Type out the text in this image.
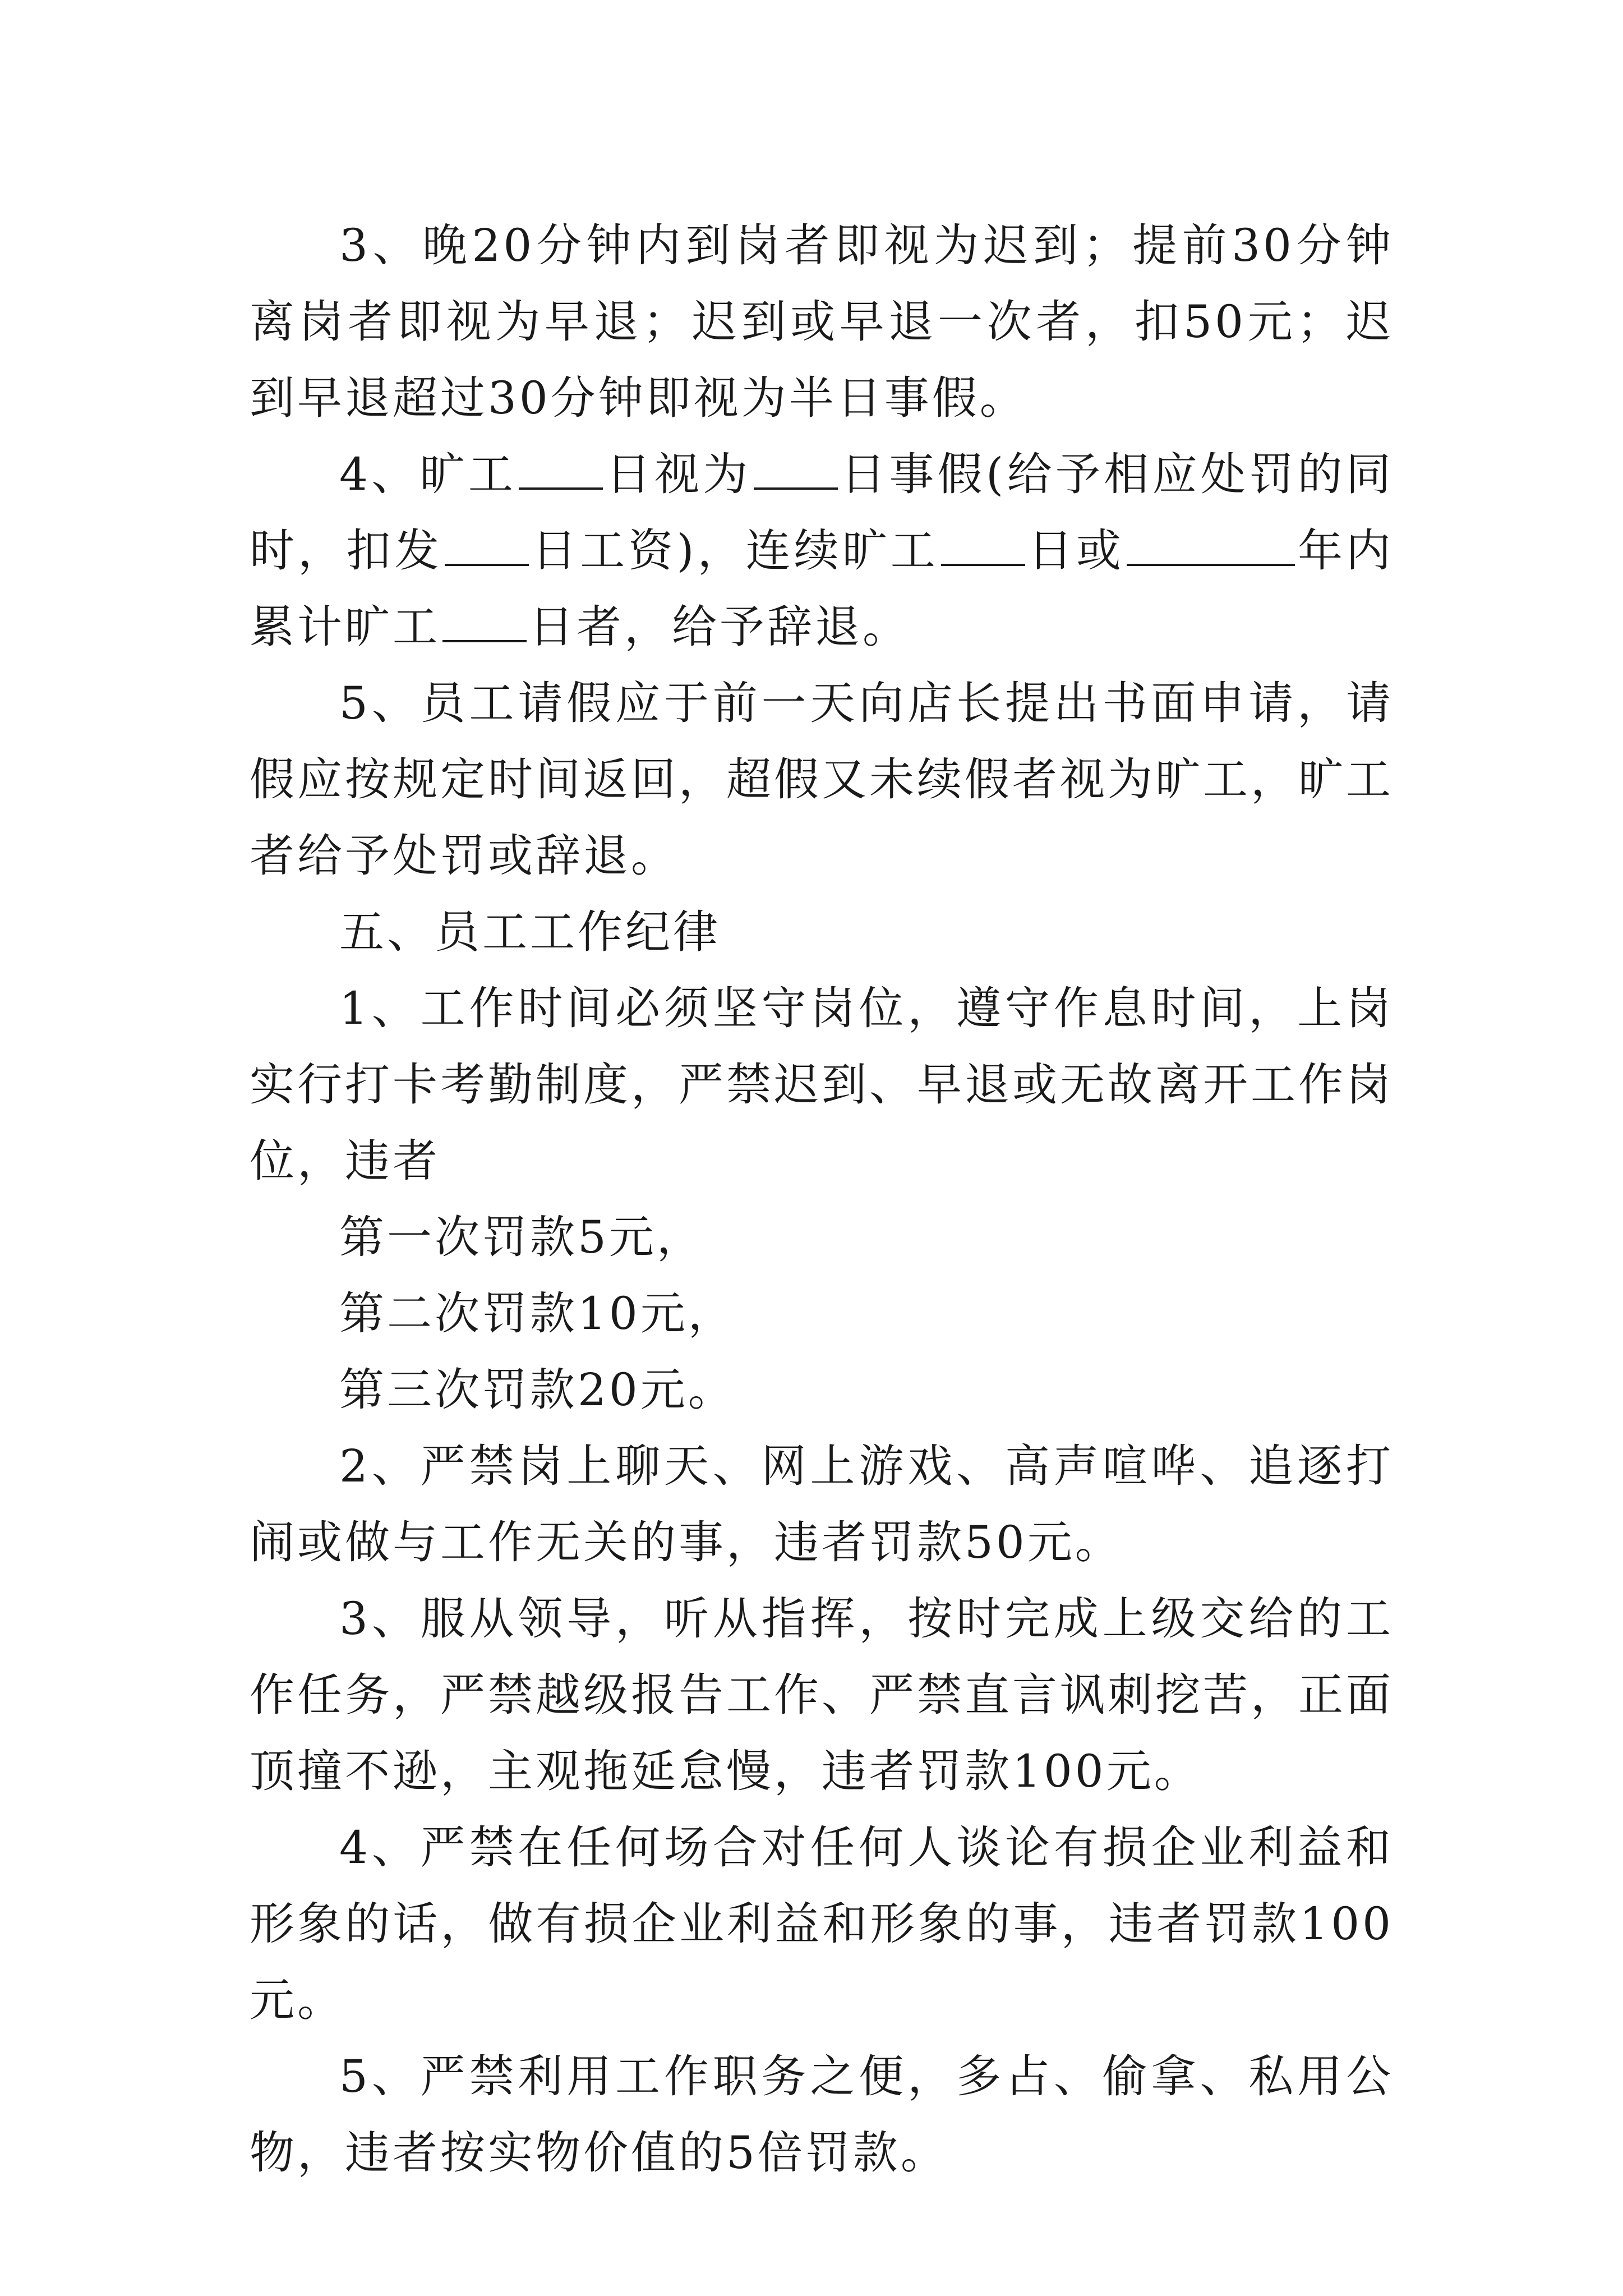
3、晚20分钟内到岗者即视为迟到；提前30分钟离岗者即视为早退；迟到或早退一次者，扣50元；迟到早退超过30分钟即视为半日事假。

4、旷工 日视为 日事假(给予相应处罚的同时，扣发 日工资)，连续旷工 日或	年内累计旷工 日者，给予辞退。

5、员工请假应于前一天向店长提出书面申请，请假应按规定时间返回，超假又未续假者视为旷工，旷工者给予处罚或辞退。

五、员工工作纪律

1、工作时间必须坚守岗位，遵守作息时间，上岗实行打卡考勤制度，严禁迟到、早退或无故离开工作岗位，违者

第一次罚款5元，

第二次罚款10元，

第三次罚款20元。

2、严禁岗上聊天、网上游戏、高声喧哗、追逐打闹或做与工作无关的事，违者罚款50元。

3、服从领导，听从指挥，按时完成上级交给的工作任务，严禁越级报告工作、严禁直言讽刺挖苦，正面顶撞不逊，主观拖延怠慢，违者罚款100元。

4、严禁在任何场合对任何人谈论有损企业利益和形象的话，做有损企业利益和形象的事，违者罚款100元。

5、严禁利用工作职务之便，多占、偷拿、私用公物，违者按实物价值的5倍罚款。
